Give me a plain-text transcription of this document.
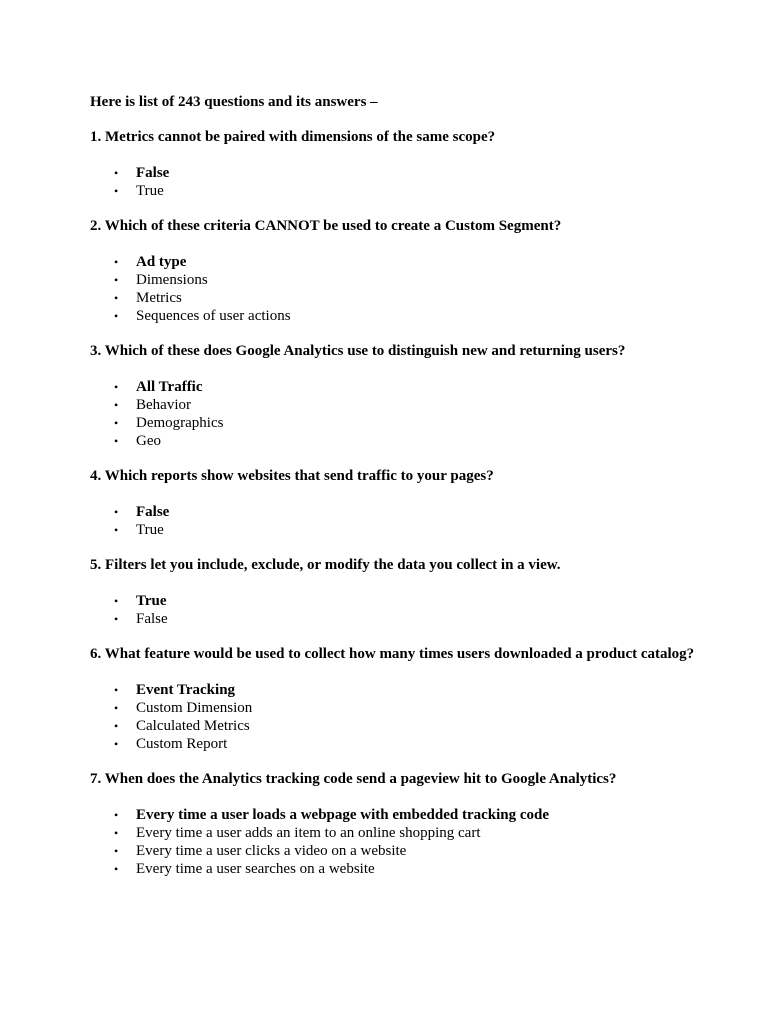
Here is list of 243 questions and its answers –

1. Metrics cannot be paired with dimensions of the same scope?

• False
• True

2. Which of these criteria CANNOT be used to create a Custom Segment?

• Ad type
• Dimensions
• Metrics
• Sequences of user actions

3. Which of these does Google Analytics use to distinguish new and returning users?

• All Traffic
• Behavior
• Demographics
• Geo

4. Which reports show websites that send traffic to your pages?

• False
• True

5. Filters let you include, exclude, or modify the data you collect in a view.

• True
• False

6. What feature would be used to collect how many times users downloaded a product catalog?

• Event Tracking
• Custom Dimension
• Calculated Metrics
• Custom Report

7. When does the Analytics tracking code send a pageview hit to Google Analytics?

• Every time a user loads a webpage with embedded tracking code
• Every time a user adds an item to an online shopping cart
• Every time a user clicks a video on a website
• Every time a user searches on a website
